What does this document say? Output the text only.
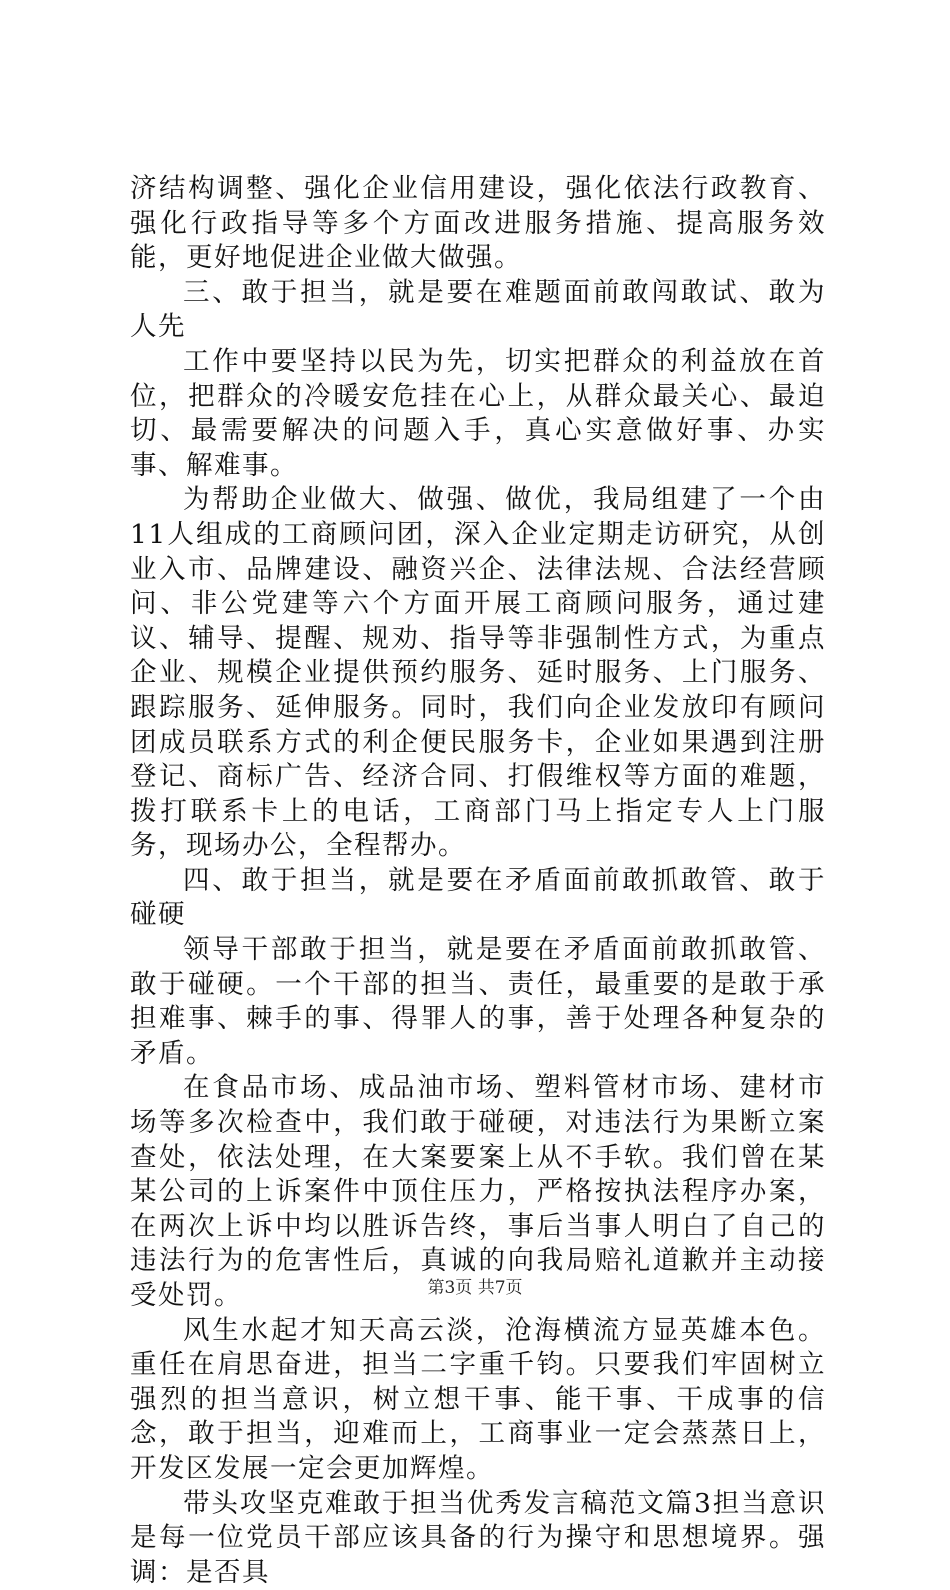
济结构调整、强化企业信用建设，强化依法行政教育、强化行政指导等多个方面改进服务措施、提高服务效能，更好地促进企业做大做强。

三、敢于担当，就是要在难题面前敢闯敢试、敢为人先

工作中要坚持以民为先，切实把群众的利益放在首位，把群众的冷暖安危挂在心上，从群众最关心、最迫切、最需要解决的问题入手，真心实意做好事、办实事、解难事。

为帮助企业做大、做强、做优，我局组建了一个由11人组成的工商顾问团，深入企业定期走访研究，从创业入市、品牌建设、融资兴企、法律法规、合法经营顾问、非公党建等六个方面开展工商顾问服务，通过建议、辅导、提醒、规劝、指导等非强制性方式，为重点企业、规模企业提供预约服务、延时服务、上门服务、跟踪服务、延伸服务。同时，我们向企业发放印有顾问团成员联系方式的利企便民服务卡，企业如果遇到注册登记、商标广告、经济合同、打假维权等方面的难题，拨打联系卡上的电话，工商部门马上指定专人上门服务，现场办公，全程帮办。

四、敢于担当，就是要在矛盾面前敢抓敢管、敢于碰硬

领导干部敢于担当，就是要在矛盾面前敢抓敢管、敢于碰硬。一个干部的担当、责任，最重要的是敢于承担难事、棘手的事、得罪人的事，善于处理各种复杂的矛盾。

在食品市场、成品油市场、塑料管材市场、建材市场等多次检查中，我们敢于碰硬，对违法行为果断立案查处，依法处理，在大案要案上从不手软。我们曾在某某公司的上诉案件中顶住压力，严格按执法程序办案，在两次上诉中均以胜诉告终，事后当事人明白了自己的违法行为的危害性后，真诚的向我局赔礼道歉并主动接受处罚。

风生水起才知天高云淡，沧海横流方显英雄本色。重任在肩思奋进，担当二字重千钧。只要我们牢固树立强烈的担当意识，树立想干事、能干事、干成事的信念，敢于担当，迎难而上，工商事业一定会蒸蒸日上，开发区发展一定会更加辉煌。

带头攻坚克难敢于担当优秀发言稿范文篇3担当意识是每一位党员干部应该具备的行为操守和思想境界。强调：是否具

第3页 共7页
